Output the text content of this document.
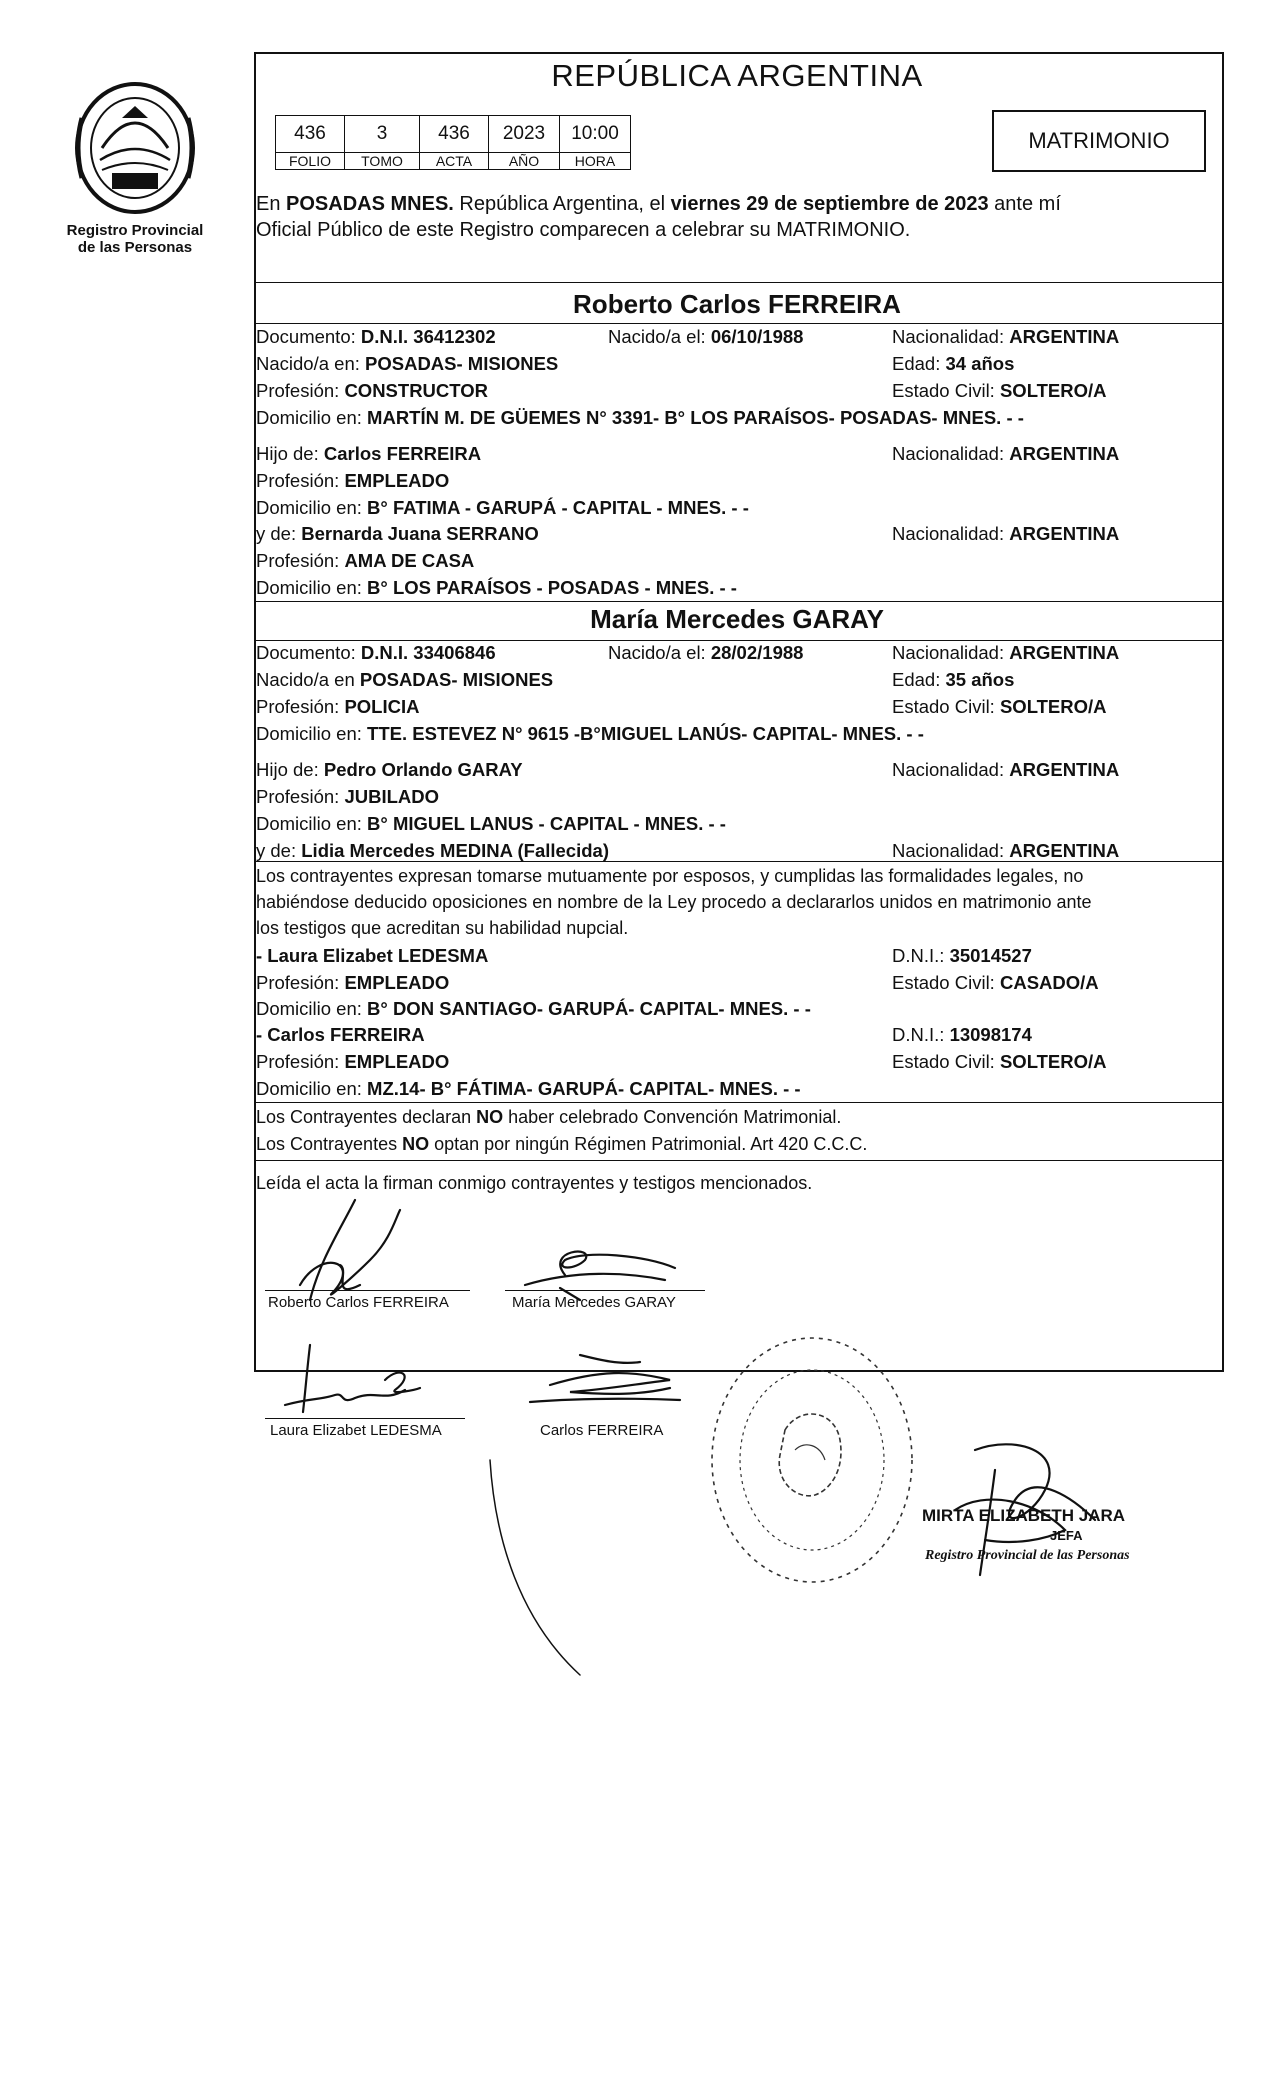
Registro Provincial
de las Personas
REPÚBLICA ARGENTINA
436	3	436	2023	10:00
FOLIO	TOMO	ACTA	AÑO	HORA
MATRIMONIO
En POSADAS MNES. República Argentina, el viernes 29 de septiembre de 2023 ante mí
Oficial Público de este Registro comparecen a celebrar su MATRIMONIO.
Roberto Carlos FERREIRA
Documento: D.N.I. 36412302	Nacido/a el: 06/10/1988	Nacionalidad: ARGENTINA
Nacido/a en: POSADAS- MISIONES	Edad: 34 años
Profesión: CONSTRUCTOR	Estado Civil: SOLTERO/A
Domicilio en: MARTÍN M. DE GÜEMES N° 3391- B° LOS PARAÍSOS- POSADAS- MNES. - -
Hijo de: Carlos FERREIRA	Nacionalidad: ARGENTINA
Profesión: EMPLEADO
Domicilio en: B° FATIMA - GARUPÁ - CAPITAL - MNES. - -
y de: Bernarda Juana SERRANO	Nacionalidad: ARGENTINA
Profesión: AMA DE CASA
Domicilio en: B° LOS PARAÍSOS - POSADAS - MNES. - -
María Mercedes GARAY
Documento: D.N.I. 33406846	Nacido/a el: 28/02/1988	Nacionalidad: ARGENTINA
Nacido/a en POSADAS- MISIONES	Edad: 35 años
Profesión: POLICIA	Estado Civil: SOLTERO/A
Domicilio en: TTE. ESTEVEZ N° 9615 -B°MIGUEL LANÚS- CAPITAL- MNES. - -
Hijo de: Pedro Orlando GARAY	Nacionalidad: ARGENTINA
Profesión: JUBILADO
Domicilio en: B° MIGUEL LANUS - CAPITAL - MNES. - -
y de: Lidia Mercedes MEDINA (Fallecida)	Nacionalidad: ARGENTINA
Los contrayentes expresan tomarse mutuamente por esposos, y cumplidas las formalidades legales, no
habiéndose deducido oposiciones en nombre de la Ley procedo a declararlos unidos en matrimonio ante
los testigos que acreditan su habilidad nupcial.
- Laura Elizabet LEDESMA	D.N.I.: 35014527
Profesión: EMPLEADO	Estado Civil: CASADO/A
Domicilio en: B° DON SANTIAGO- GARUPÁ- CAPITAL- MNES. - -
- Carlos FERREIRA	D.N.I.: 13098174
Profesión: EMPLEADO	Estado Civil: SOLTERO/A
Domicilio en: MZ.14- B° FÁTIMA- GARUPÁ- CAPITAL- MNES. - -
Los Contrayentes declaran NO haber celebrado Convención Matrimonial.
Los Contrayentes NO optan por ningún Régimen Patrimonial. Art 420 C.C.C.
Leída el acta la firman conmigo contrayentes y testigos mencionados.
Roberto Carlos FERREIRA	María Mercedes GARAY
Laura Elizabet LEDESMA	Carlos FERREIRA
MIRTA ELIZABETH JARA
JEFA
Registro Provincial de las Personas
